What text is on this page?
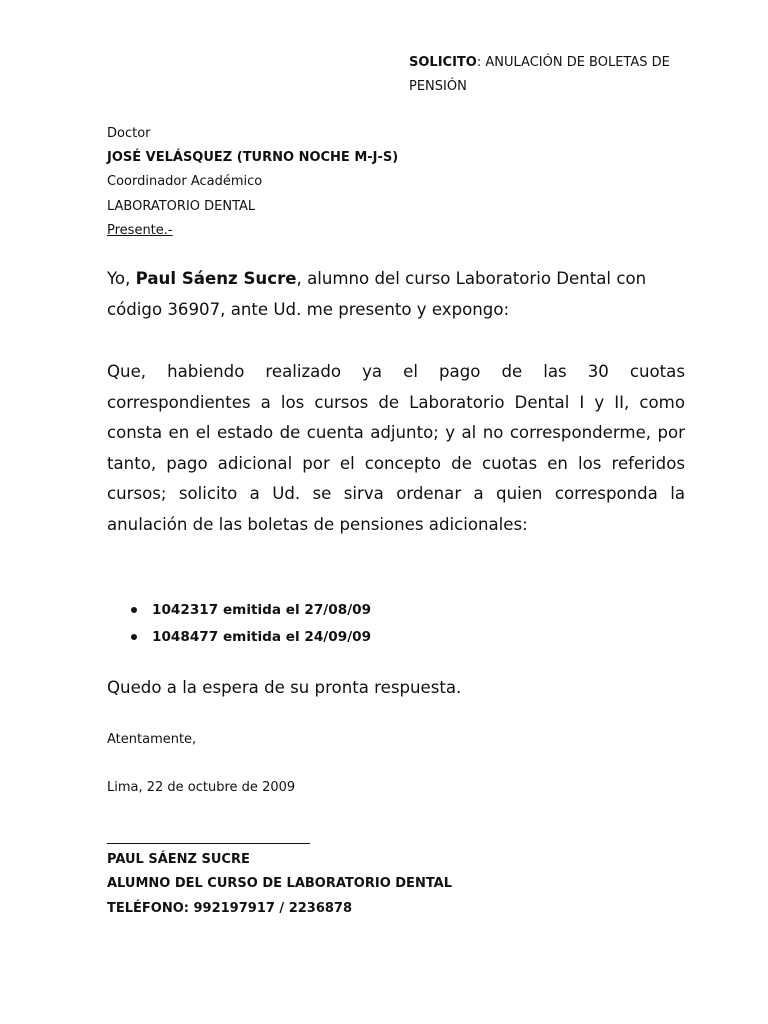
SOLICITO: ANULACIÓN DE BOLETAS DE PENSIÓN
Doctor
JOSÉ VELÁSQUEZ (TURNO NOCHE M-J-S)
Coordinador Académico
LABORATORIO DENTAL
Presente.-
Yo, Paul Sáenz Sucre, alumno del curso Laboratorio Dental con código 36907, ante Ud. me presento y expongo:
Que, habiendo realizado ya el pago de las 30 cuotas correspondientes a los cursos de Laboratorio Dental I y II, como consta en el estado de cuenta adjunto; y al no corresponderme, por tanto, pago adicional por el concepto de cuotas en los referidos cursos; solicito a Ud. se sirva ordenar a quien corresponda la anulación de las boletas de pensiones adicionales:
1042317 emitida el 27/08/09
1048477 emitida el 24/09/09
Quedo a la espera de su pronta respuesta.
Atentamente,
Lima, 22 de octubre de 2009
PAUL SÁENZ SUCRE
ALUMNO DEL CURSO DE LABORATORIO DENTAL
TELÉFONO: 992197917 / 2236878
